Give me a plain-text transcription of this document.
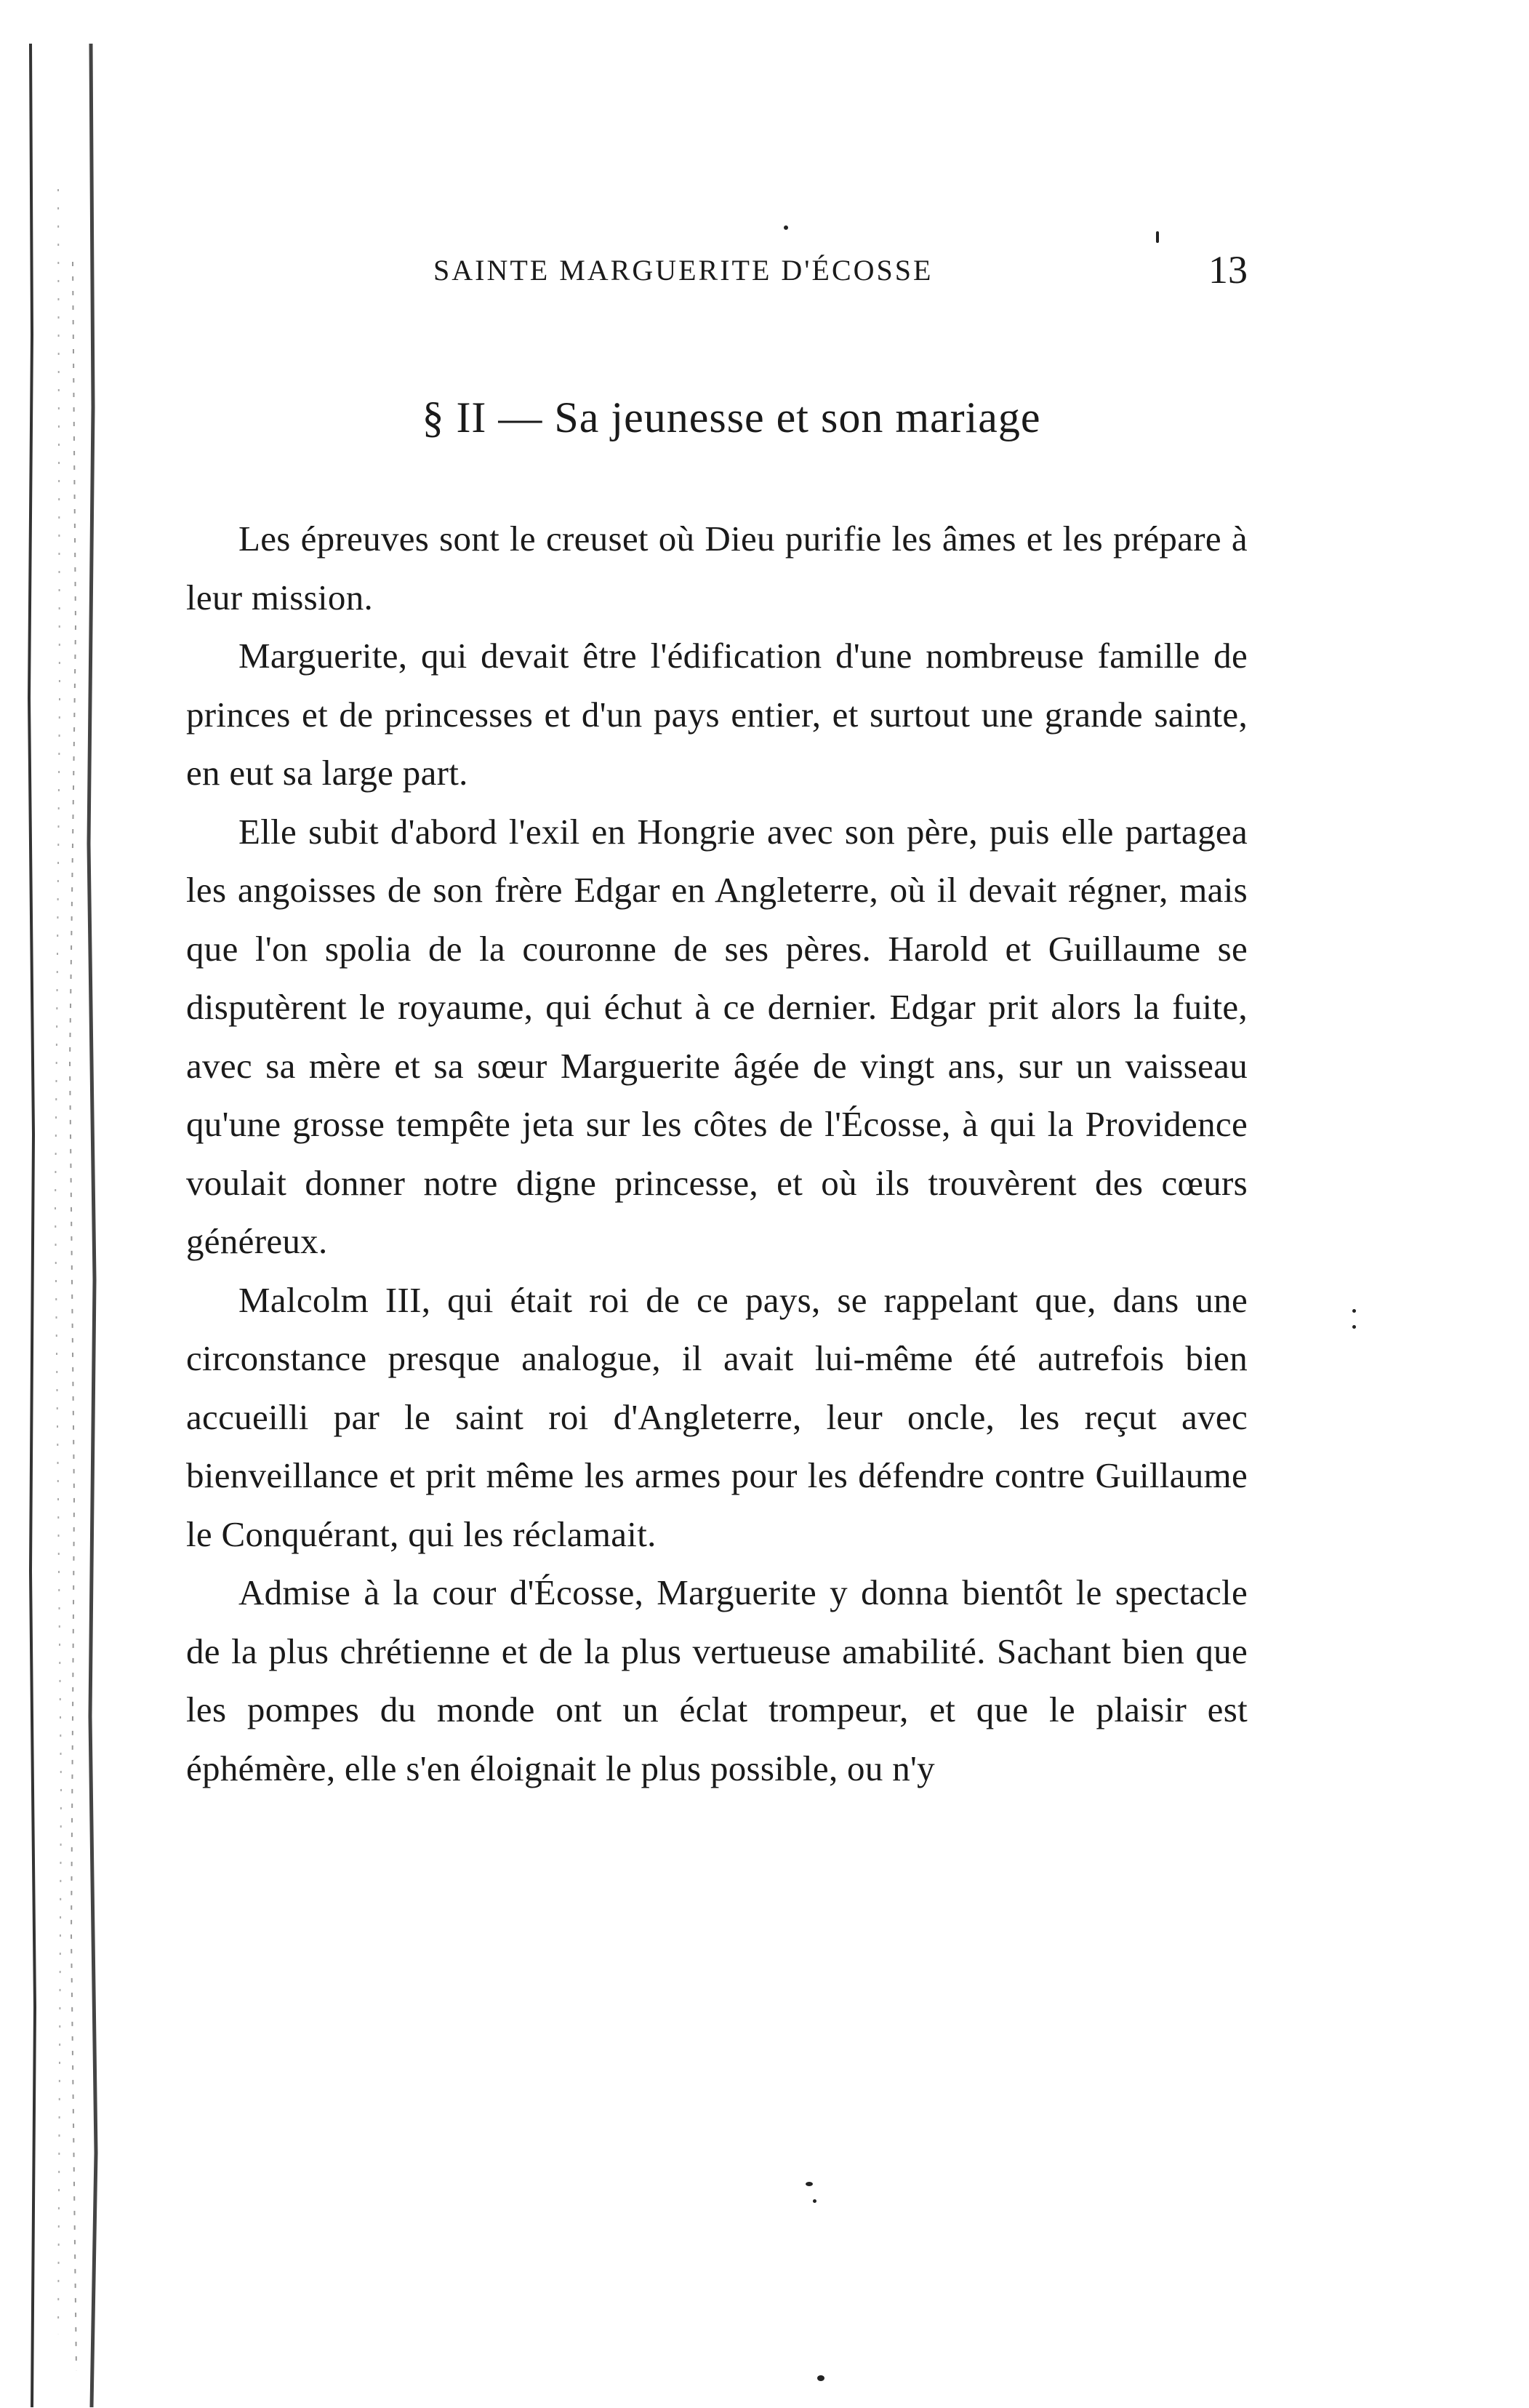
SAINTE MARGUERITE D'ÉCOSSE	13
§ II — Sa jeunesse et son mariage

Les épreuves sont le creuset où Dieu purifie les âmes et les prépare à leur mission.

Marguerite, qui devait être l'édification d'une nombreuse famille de princes et de princesses et d'un pays entier, et surtout une grande sainte, en eut sa large part.

Elle subit d'abord l'exil en Hongrie avec son père, puis elle partagea les angoisses de son frère Edgar en Angleterre, où il devait régner, mais que l'on spolia de la couronne de ses pères. Harold et Guillaume se disputèrent le royaume, qui échut à ce dernier. Edgar prit alors la fuite, avec sa mère et sa sœur Marguerite âgée de vingt ans, sur un vaisseau qu'une grosse tempête jeta sur les côtes de l'Écosse, à qui la Providence voulait donner notre digne princesse, et où ils trouvèrent des cœurs généreux.

Malcolm III, qui était roi de ce pays, se rappelant que, dans une circonstance presque analogue, il avait lui-même été autrefois bien accueilli par le saint roi d'Angleterre, leur oncle, les reçut avec bienveillance et prit même les armes pour les défendre contre Guillaume le Conquérant, qui les réclamait.

Admise à la cour d'Écosse, Marguerite y donna bientôt le spectacle de la plus chrétienne et de la plus vertueuse amabilité. Sachant bien que les pompes du monde ont un éclat trompeur, et que le plaisir est éphémère, elle s'en éloignait le plus possible, ou n'y
